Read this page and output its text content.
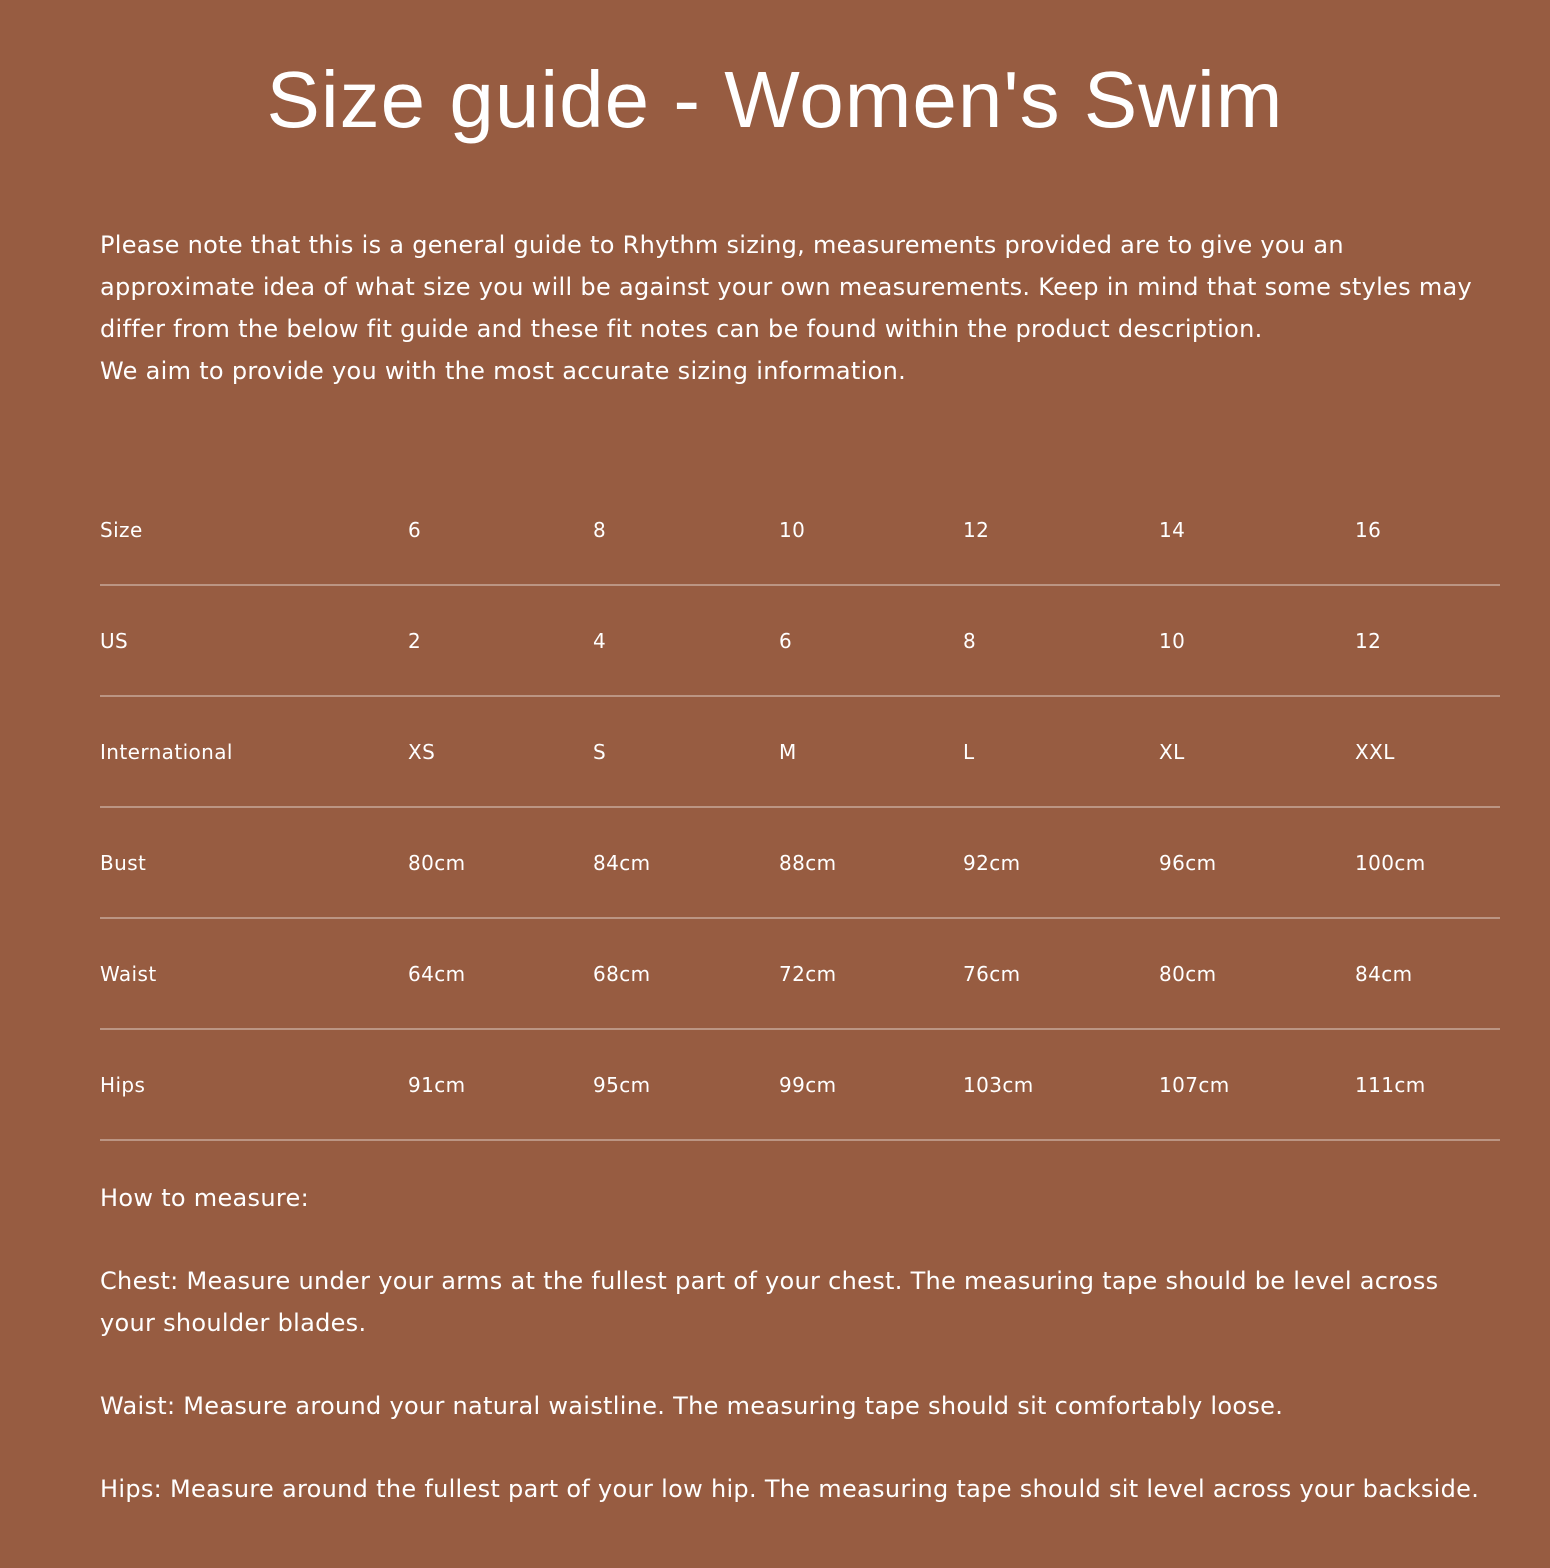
Size guide - Women's Swim

Please note that this is a general guide to Rhythm sizing, measurements provided are to give you an approximate idea of what size you will be against your own measurements. Keep in mind that some styles may differ from the below fit guide and these fit notes can be found within the product description.

We aim to provide you with the most accurate sizing information.

Size	6	8	10	12	14	16
US	2	4	6	8	10	12
International	XS	S	M	L	XL	XXL
Bust	80cm	84cm	88cm	92cm	96cm	100cm
Waist	64cm	68cm	72cm	76cm	80cm	84cm
Hips	91cm	95cm	99cm	103cm	107cm	111cm

How to measure:

Chest: Measure under your arms at the fullest part of your chest. The measuring tape should be level across your shoulder blades.

Waist: Measure around your natural waistline. The measuring tape should sit comfortably loose.

Hips: Measure around the fullest part of your low hip. The measuring tape should sit level across your backside.
